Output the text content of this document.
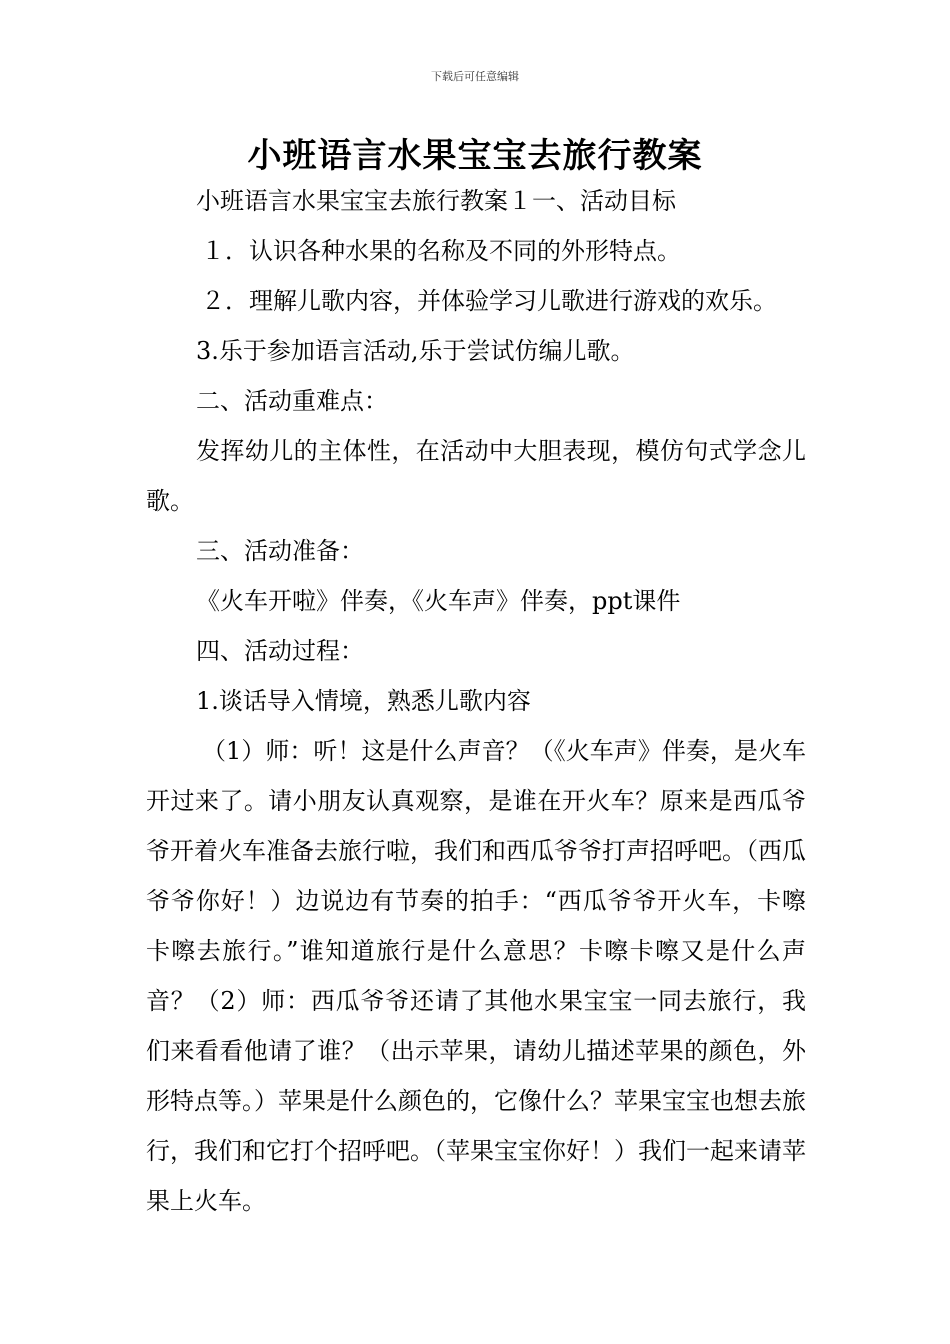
下载后可任意编辑
小班语言水果宝宝去旅行教案

小班语言水果宝宝去旅行教案１一、活动目标

１．认识各种水果的名称及不同的外形特点。

２．理解儿歌内容，并体验学习儿歌进行游戏的欢乐。

3.乐于参加语言活动,乐于尝试仿编儿歌。

二、活动重难点：

发挥幼儿的主体性，在活动中大胆表现，模仿句式学念儿歌。

三、活动准备：

《火车开啦》伴奏，《火车声》伴奏，ppt课件

四、活动过程：

1.谈话导入情境，熟悉儿歌内容

（1）师：听！这是什么声音？（《火车声》伴奏，是火车开过来了。请小朋友认真观察，是谁在开火车？原来是西瓜爷爷开着火车准备去旅行啦，我们和西瓜爷爷打声招呼吧。（西瓜爷爷你好！）边说边有节奏的拍手：“西瓜爷爷开火车，卡嚓卡嚓去旅行。”谁知道旅行是什么意思？卡嚓卡嚓又是什么声音？（2）师：西瓜爷爷还请了其他水果宝宝一同去旅行，我们来看看他请了谁？（出示苹果，请幼儿描述苹果的颜色，外形特点等。）苹果是什么颜色的，它像什么？苹果宝宝也想去旅行，我们和它打个招呼吧。（苹果宝宝你好！）我们一起来请苹果上火车。
